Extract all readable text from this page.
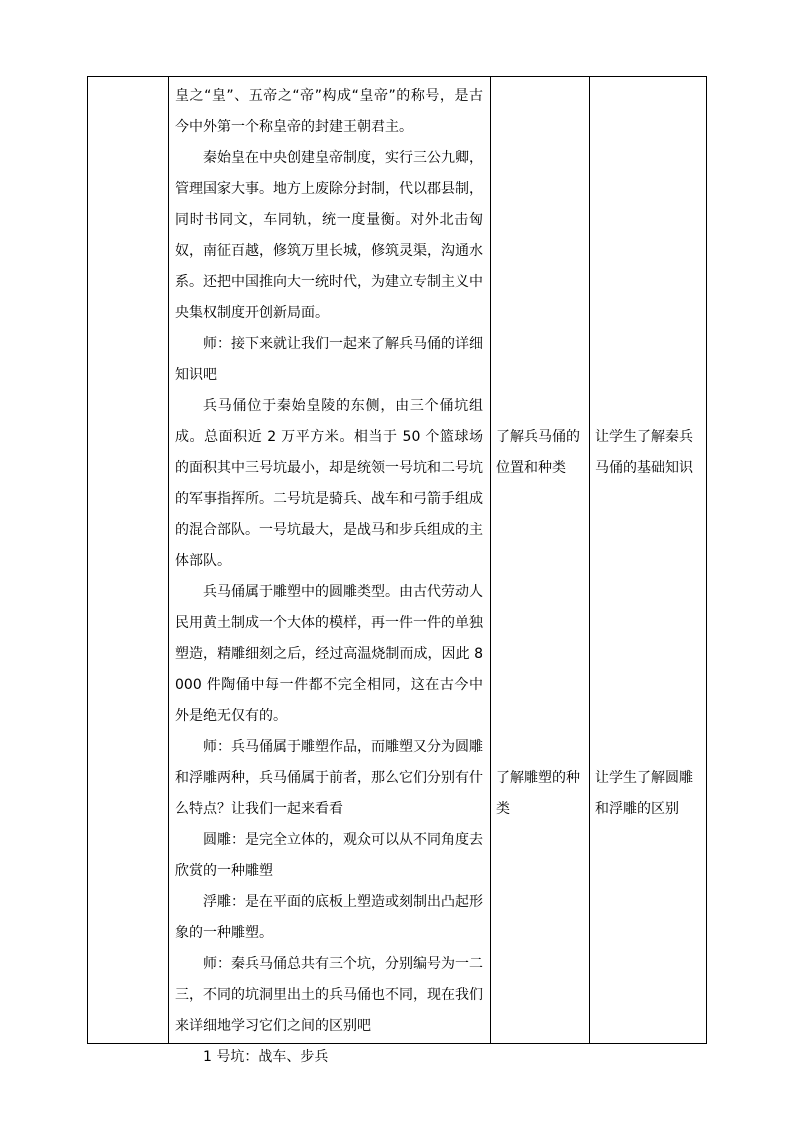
皇之“皇”、五帝之“帝”构成“皇帝”的称号，是古今中外第一个称皇帝的封建王朝君主。

秦始皇在中央创建皇帝制度，实行三公九卿，管理国家大事。地方上废除分封制，代以郡县制，同时书同文，车同轨，统一度量衡。对外北击匈奴，南征百越，修筑万里长城，修筑灵渠，沟通水系。还把中国推向大一统时代，为建立专制主义中央集权制度开创新局面。

师：接下来就让我们一起来了解兵马俑的详细知识吧

兵马俑位于秦始皇陵的东侧，由三个俑坑组成。总面积近 2 万平方米。相当于 50 个篮球场的面积其中三号坑最小，却是统领一号坑和二号坑的军事指挥所。二号坑是骑兵、战车和弓箭手组成的混合部队。一号坑最大，是战马和步兵组成的主体部队。

兵马俑属于雕塑中的圆雕类型。由古代劳动人民用黄土制成一个大体的模样，再一件一件的单独塑造，精雕细刻之后，经过高温烧制而成，因此 8000 件陶俑中每一件都不完全相同，这在古今中外是绝无仅有的。

师：兵马俑属于雕塑作品，而雕塑又分为圆雕和浮雕两种，兵马俑属于前者，那么它们分别有什么特点？让我们一起来看看

圆雕：是完全立体的，观众可以从不同角度去欣赏的一种雕塑

浮雕：是在平面的底板上塑造或刻制出凸起形象的一种雕塑。

师：秦兵马俑总共有三个坑，分别编号为一二三，不同的坑洞里出土的兵马俑也不同，现在我们来详细地学习它们之间的区别吧

1 号坑：战车、步兵

了解兵马俑的位置和种类
让学生了解秦兵马俑的基础知识
了解雕塑的种类
让学生了解圆雕和浮雕的区别
